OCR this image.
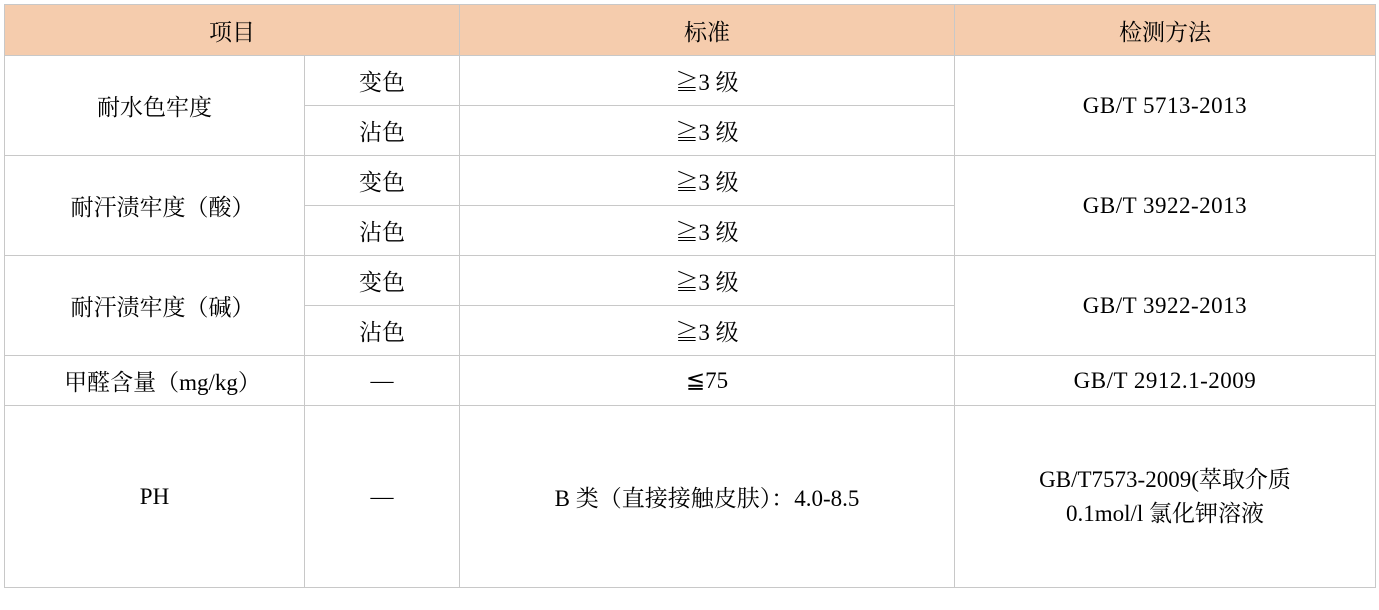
项目		标准	检测方法
耐水色牢度	变色	≧3 级	GB/T 5713-2013
	沾色	≧3 级	
耐汗渍牢度（酸）	变色	≧3 级	GB/T 3922-2013
	沾色	≧3 级	
耐汗渍牢度（碱）	变色	≧3 级	GB/T 3922-2013
	沾色	≧3 级	
甲醛含量（mg/kg）	—	≦75	GB/T 2912.1-2009
PH	—	B 类（直接接触皮肤）：4.0-8.5	GB/T7573-2009(萃取介质
0.1mol/l 氯化钾溶液
